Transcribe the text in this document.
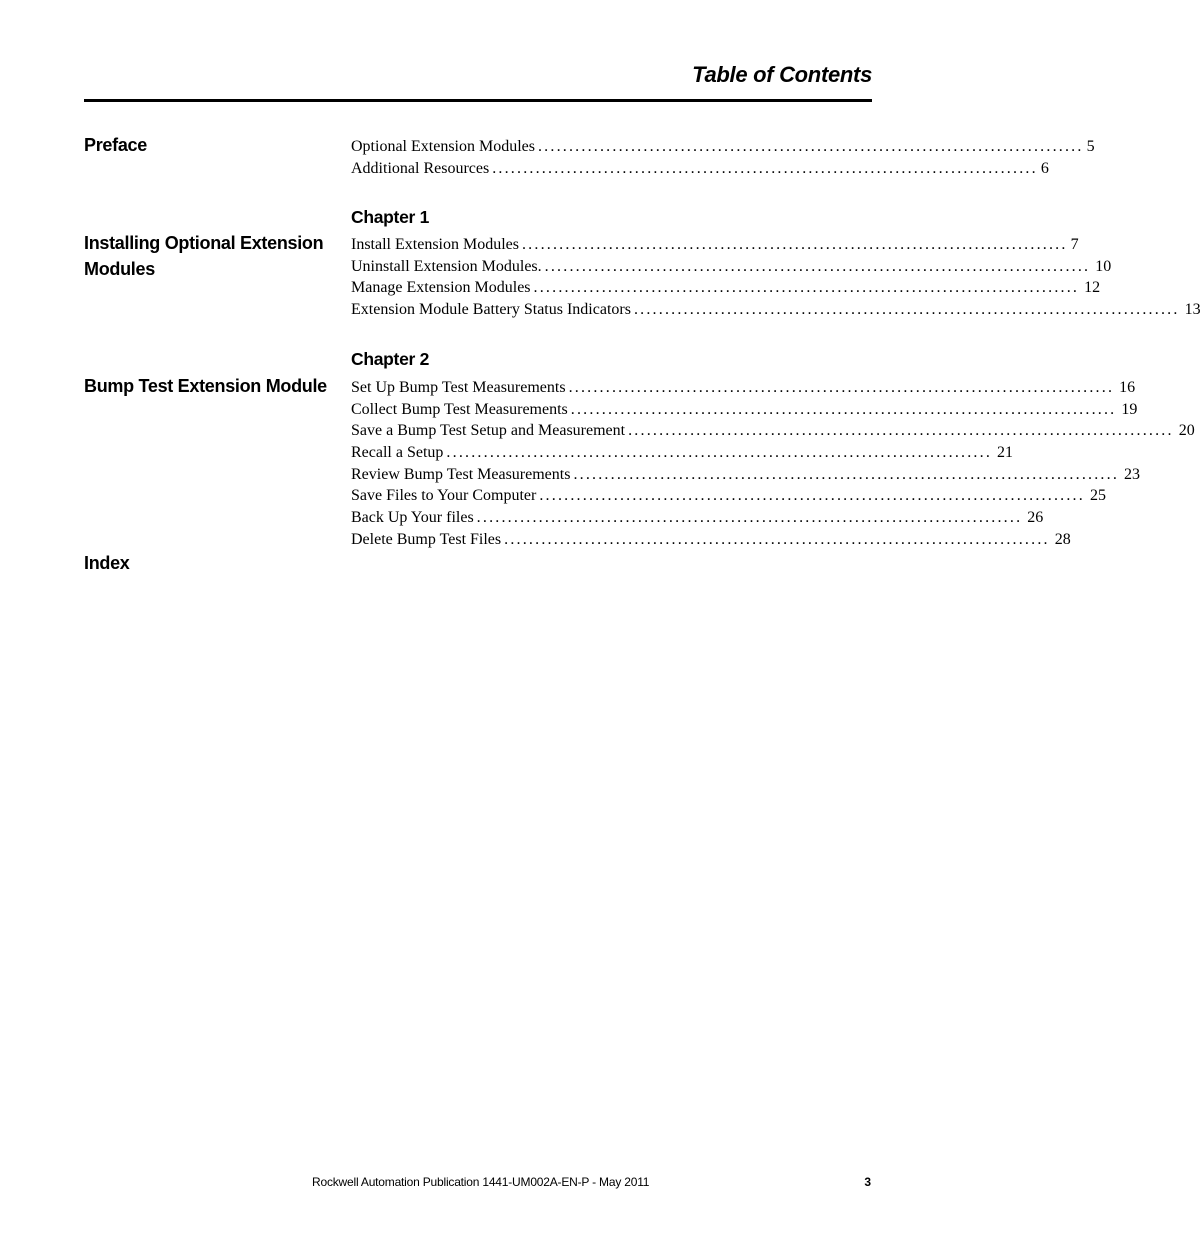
Table of Contents
Preface	Optional Extension Modules ........................................................................................ 5
Additional Resources ........................................................................................ 6
Chapter 1
Installing Optional Extension Modules
Install Extension Modules ........................................................................................ 7
Uninstall Extension Modules. ........................................................................................ 10
Manage Extension Modules ........................................................................................ 12
Extension Module Battery Status Indicators ........................................................................................ 13
Chapter 2
Bump Test Extension Module	Set Up Bump Test Measurements ........................................................................................ 16
Collect Bump Test Measurements ........................................................................................ 19
Save a Bump Test Setup and Measurement ........................................................................................ 20
Recall a Setup ........................................................................................ 21
Review Bump Test Measurements ........................................................................................ 23
Save Files to Your Computer ........................................................................................ 25
Back Up Your files ........................................................................................ 26
Delete Bump Test Files ........................................................................................ 28
Index
Rockwell Automation Publication 1441-UM002A-EN-P - May 2011	3
